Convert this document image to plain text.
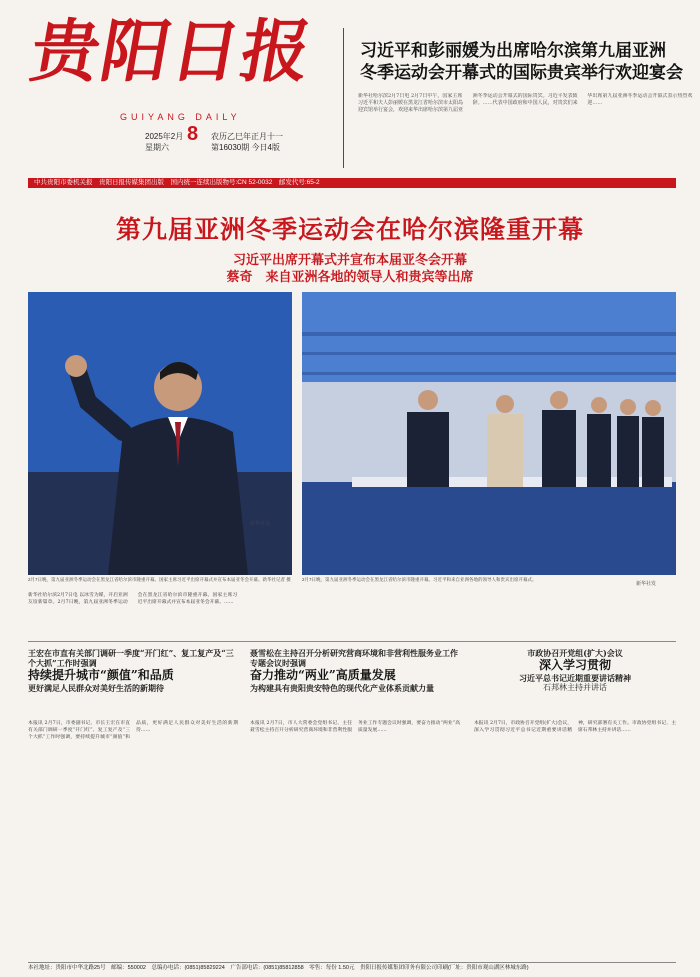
贵阳日报
GUIYANG DAILY
2025年2月
星期六
8 农历乙巳年正月十一
第16030期 今日4版
习近平和彭丽媛为出席哈尔滨第九届亚洲
冬季运动会开幕式的国际贵宾举行欢迎宴会
新华社哈尔滨2月7日电 2月7日中午，国家主席习近平和夫人彭丽媛在黑龙江省哈尔滨市太阳岛迎宾馆举行宴会，欢迎来华出席哈尔滨第九届亚洲冬季运动会开幕式的国际贵宾。习近平发表致辞。……代表中国政府和中国人民，对贵宾们来华出席第九届亚洲冬季运动会开幕式表示热烈欢迎……
中共贵阳市委机关报　贵阳日报传媒集团出版　国内统一连续出版物号:CN 52-0032　邮发代号:65-2
第九届亚洲冬季运动会在哈尔滨隆重开幕
习近平出席开幕式并宣布本届亚冬会开幕
蔡奇　来自亚洲各地的领导人和贵宾等出席
2月7日晚，第九届亚洲冬季运动会在黑龙江省哈尔滨市隆重开幕。国家主席习近平出席开幕式并宣布本届亚冬会开幕。新华社记者 摄
新华社发
2月7日晚，第九届亚洲冬季运动会在黑龙江省哈尔滨市隆重开幕。习近平和来自亚洲各地的领导人和贵宾出席开幕式。
新华社发
新华社哈尔滨2月7日电 以冰雪为媒，开启亚洲友谊新篇章。2月7日晚，第九届亚洲冬季运动会在黑龙江省哈尔滨市隆重开幕。国家主席习近平出席开幕式并宣布本届亚冬会开幕。……
王宏在市直有关部门调研一季度“开门红”、复工复产及“三个大抓”工作时强调
持续提升城市“颜值”和品质
更好满足人民群众对美好生活的新期待
本报讯 2月7日，市委副书记、市长王宏在市直有关部门调研一季度“开门红”、复工复产及“三个大抓”工作时强调，要持续提升城市“颜值”和品质，更好满足人民群众对美好生活的新期待……
聂雪松在主持召开分析研究营商环境和非营利性服务业工作专题会议时强调
奋力推动“两业”高质量发展
为构建具有贵阳贵安特色的现代化产业体系贡献力量
本报讯 2月7日，市人大常委会党组书记、主任聂雪松主持召开分析研究营商环境和非营利性服务业工作专题会议时强调，要奋力推动“两业”高质量发展……
市政协召开党组(扩大)会议
深入学习贯彻
习近平总书记近期重要讲话精神
石邦林主持并讲话
本报讯 2月7日，市政协召开党组(扩大)会议，深入学习贯彻习近平总书记近期重要讲话精神，研究部署有关工作。市政协党组书记、主席石邦林主持并讲话……
本社地址：贵阳市中华北路25号　邮编：550002　总编办电话：(0851)85829224　广告部电话：(0851)85812858　零售：每份 1.50元　贵阳日报传媒集团印务有限公司印刷(厂址：贵阳市观山湖区林城东路)
